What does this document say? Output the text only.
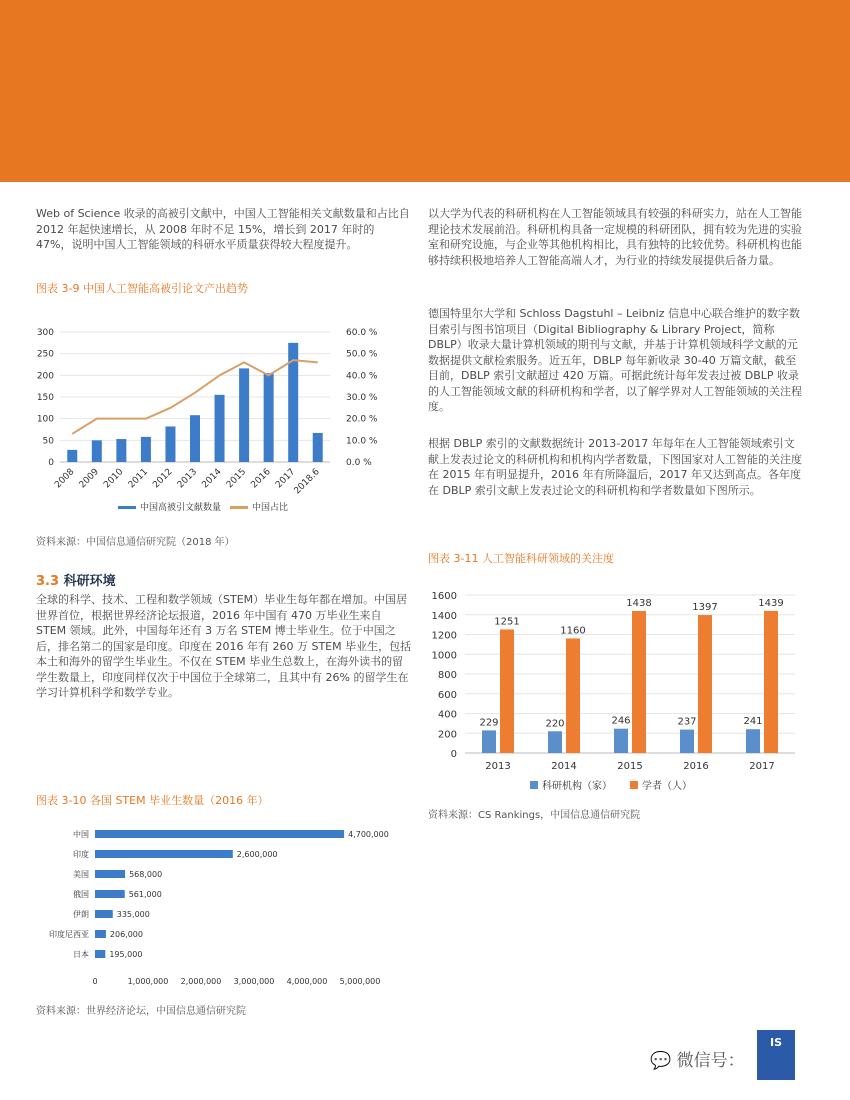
Web of Science 收录的高被引文献中，中国人工智能相关文献数量和占比自 2012 年起快速增长，从 2008 年时不足 15%，增长到 2017 年时的 47%，说明中国人工智能领域的科研水平质量获得较大程度提升。

图表 3-9 中国人工智能高被引论文产出趋势

0
50
100
150
200
250
300
0.0 %
10.0 %
20.0 %
30.0 %
40.0 %
50.0 %
60.0 %
2008 2009 2010 2011 2012 2013 2014 2015 2016 2017
2018.6
中国高被引文献数量	中国占比

资料来源：中国信息通信研究院（2018 年）

3.3 科研环境

全球的科学、技术、工程和数学领域（STEM）毕业生每年都在增加。中国居世界首位，根据世界经济论坛报道，2016 年中国有 470 万毕业生来自 STEM 领域。此外，中国每年还有 3 万名 STEM 博士毕业生。位于中国之后，排名第二的国家是印度。印度在 2016 年有 260 万 STEM 毕业生，包括本土和海外的留学生毕业生。不仅在 STEM 毕业生总数上，在海外读书的留学生数量上，印度同样仅次于中国位于全球第二，且其中有 26% 的留学生在学习计算机科学和数学专业。

图表 3-10 各国 STEM 毕业生数量（2016 年）

中国	4,700,000
印度	2,600,000
美国	568,000
俄国	561,000
伊朗	335,000
印度尼西亚	206,000
日本	195,000
0	1,000,000 2,000,000 3,000,000 4,000,000 5,000,000

资料来源：世界经济论坛，中国信息通信研究院

以大学为代表的科研机构在人工智能领域具有较强的科研实力，站在人工智能理论技术发展前沿。科研机构具备一定规模的科研团队，拥有较为先进的实验室和研究设施，与企业等其他机构相比，具有独特的比较优势。科研机构也能够持续积极地培养人工智能高端人才，为行业的持续发展提供后备力量。

德国特里尔大学和 Schloss Dagstuhl – Leibniz 信息中心联合维护的数字数目索引与图书馆项目（Digital Bibliography & Library Project，简称 DBLP）收录大量计算机领域的期刊与文献，并基于计算机领域科学文献的元数据提供文献检索服务。近五年，DBLP 每年新收录 30-40 万篇文献，截至目前，DBLP 索引文献超过 420 万篇。可据此统计每年发表过被 DBLP 收录的人工智能领域文献的科研机构和学者，以了解学界对人工智能领域的关注程度。

根据 DBLP 索引的文献数据统计 2013-2017 年每年在人工智能领域索引文献上发表过论文的科研机构和机构内学者数量，下图国家对人工智能的关注度在 2015 年有明显提升，2016 年有所降温后，2017 年又达到高点。各年度在 DBLP 索引文献上发表过论文的科研机构和学者数量如下图所示。

图表 3-11 人工智能科研领域的关注度

0
200
400
600
800
1000
1200
1400
1600
229
1251
2013
220
1160
2014
246
1438
2015
237
1397
2016
241
1439
2017
科研机构（家）	学者（人）

资料来源：CS Rankings，中国信息通信研究院

💬 微信号：
IS
